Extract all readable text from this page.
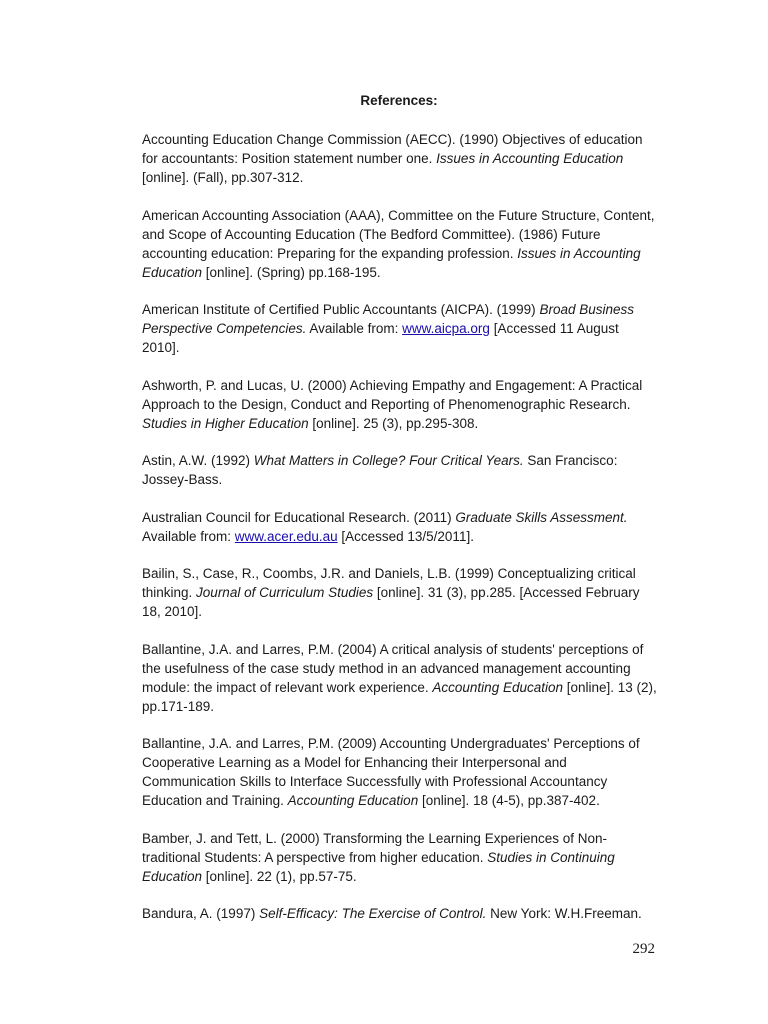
References:

Accounting Education Change Commission (AECC). (1990) Objectives of education for accountants: Position statement number one. Issues in Accounting Education [online]. (Fall), pp.307-312.

American Accounting Association (AAA), Committee on the Future Structure, Content, and Scope of Accounting Education (The Bedford Committee). (1986) Future accounting education: Preparing for the expanding profession. Issues in Accounting Education [online]. (Spring) pp.168-195.

American Institute of Certified Public Accountants (AICPA). (1999) Broad Business Perspective Competencies. Available from: www.aicpa.org [Accessed 11 August 2010].

Ashworth, P. and Lucas, U. (2000) Achieving Empathy and Engagement: A Practical Approach to the Design, Conduct and Reporting of Phenomenographic Research. Studies in Higher Education [online]. 25 (3), pp.295-308.

Astin, A.W. (1992) What Matters in College? Four Critical Years. San Francisco: Jossey-Bass.

Australian Council for Educational Research. (2011) Graduate Skills Assessment. Available from: www.acer.edu.au [Accessed 13/5/2011].

Bailin, S., Case, R., Coombs, J.R. and Daniels, L.B. (1999) Conceptualizing critical thinking. Journal of Curriculum Studies [online]. 31 (3), pp.285. [Accessed February 18, 2010].

Ballantine, J.A. and Larres, P.M. (2004) A critical analysis of students' perceptions of the usefulness of the case study method in an advanced management accounting module: the impact of relevant work experience. Accounting Education [online]. 13 (2), pp.171-189.

Ballantine, J.A. and Larres, P.M. (2009) Accounting Undergraduates' Perceptions of Cooperative Learning as a Model for Enhancing their Interpersonal and Communication Skills to Interface Successfully with Professional Accountancy Education and Training. Accounting Education [online]. 18 (4-5), pp.387-402.

Bamber, J. and Tett, L. (2000) Transforming the Learning Experiences of Non-traditional Students: A perspective from higher education. Studies in Continuing Education [online]. 22 (1), pp.57-75.

Bandura, A. (1997) Self-Efficacy: The Exercise of Control. New York: W.H.Freeman.

292
